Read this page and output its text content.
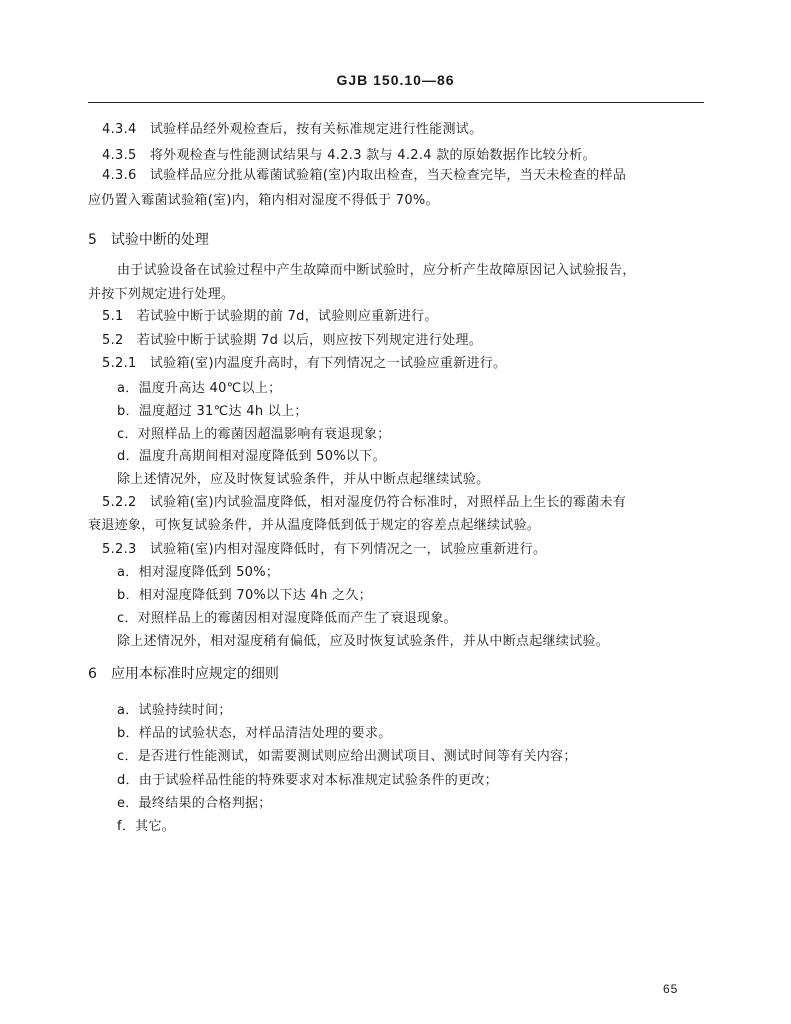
GJB 150.10—86
4.3.4　试验样品经外观检查后，按有关标准规定进行性能测试。
4.3.5　将外观检查与性能测试结果与 4.2.3 款与 4.2.4 款的原始数据作比较分析。
4.3.6　试验样品应分批从霉菌试验箱(室)内取出检查，当天检查完毕，当天未检查的样品
应仍置入霉菌试验箱(室)内，箱内相对湿度不得低于 70%。
5　试验中断的处理
由于试验设备在试验过程中产生故障而中断试验时，应分析产生故障原因记入试验报告，
并按下列规定进行处理。
5.1　若试验中断于试验期的前 7d，试验则应重新进行。
5.2　若试验中断于试验期 7d 以后，则应按下列规定进行处理。
5.2.1　试验箱(室)内温度升高时，有下列情况之一试验应重新进行。
a．温度升高达 40℃以上；
b．温度超过 31℃达 4h 以上；
c．对照样品上的霉菌因超温影响有衰退现象；
d．温度升高期间相对湿度降低到 50%以下。
除上述情况外，应及时恢复试验条件，并从中断点起继续试验。
5.2.2　试验箱(室)内试验温度降低，相对湿度仍符合标准时，对照样品上生长的霉菌未有
衰退迹象，可恢复试验条件，并从温度降低到低于规定的容差点起继续试验。
5.2.3　试验箱(室)内相对湿度降低时，有下列情况之一，试验应重新进行。
a．相对湿度降低到 50%；
b．相对湿度降低到 70%以下达 4h 之久；
c．对照样品上的霉菌因相对湿度降低而产生了衰退现象。
除上述情况外，相对湿度稍有偏低，应及时恢复试验条件，并从中断点起继续试验。
6　应用本标准时应规定的细则
a．试验持续时间；
b．样品的试验状态，对样品清洁处理的要求。
c．是否进行性能测试，如需要测试则应给出测试项目、测试时间等有关内容；
d．由于试验样品性能的特殊要求对本标准规定试验条件的更改；
e．最终结果的合格判据；
f．其它。
65
